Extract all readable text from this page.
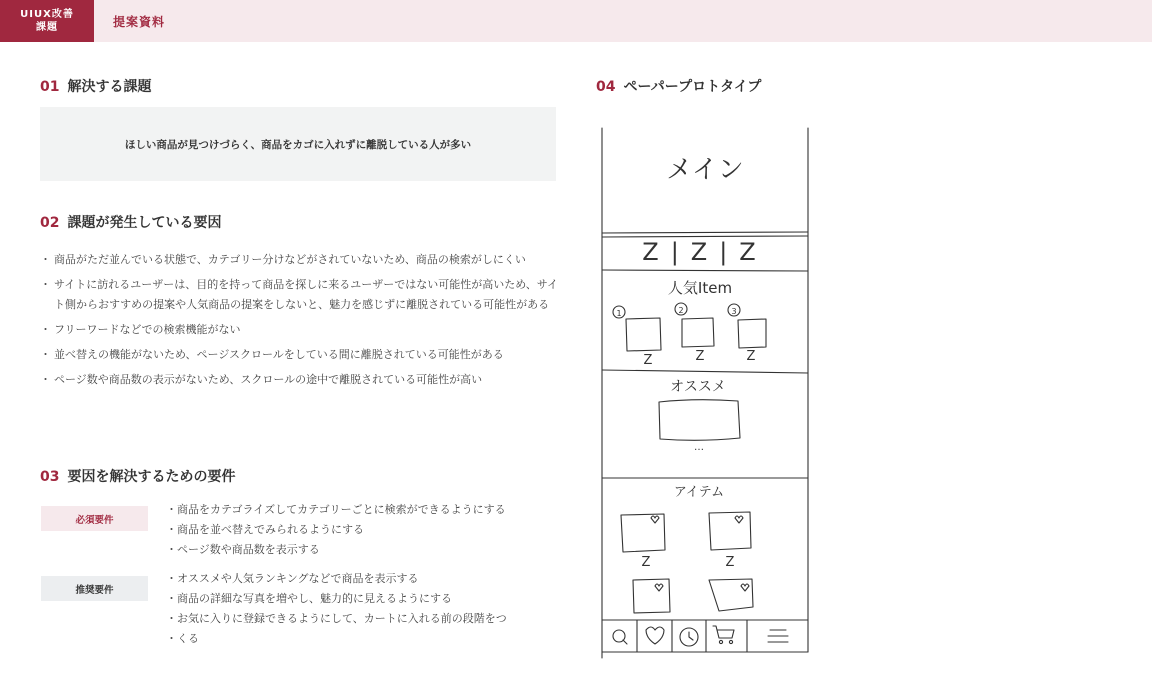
UIUX改善
課題	提案資料
01 解決する課題
ほしい商品が見つけづらく、商品をカゴに入れずに離脱している人が多い
02 課題が発生している要因
・ 商品がただ並んでいる状態で、カテゴリー分けなどがされていないため、商品の検索がしにくい
・ サイトに訪れるユーザーは、目的を持って商品を探しに来るユーザーではない可能性が高いため、サイト側からおすすめの提案や人気商品の提案をしないと、魅力を感じずに離脱されている可能性がある
・ フリーワードなどでの検索機能がない
・ 並べ替えの機能がないため、ページスクロールをしている間に離脱されている可能性がある
・ ページ数や商品数の表示がないため、スクロールの途中で離脱されている可能性が高い
03 要因を解決するための要件
必須要件
・商品をカテゴライズしてカテゴリーごとに検索ができるようにする
・商品を並べ替えでみられるようにする
・ページ数や商品数を表示する
推奨要件
・オススメや人気ランキングなどで商品を表示する
・商品の詳細な写真を増やし、魅力的に見えるようにする
・お気に入りに登録できるようにして、カートに入れる前の段階をつ
・くる
04 ペーパープロトタイプ
メイン
Z|Z|Z
人気Item
1	2	3
Z	Z	Z
オススメ
…
アイテム
Z	Z
